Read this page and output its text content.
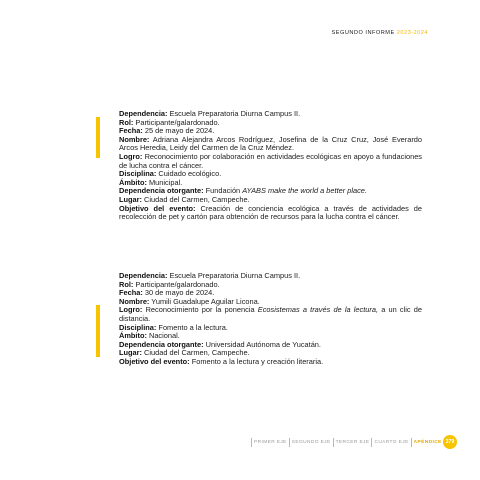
SEGUNDO INFORME 2023-2024

Dependencia: Escuela Preparatoria Diurna Campus II.

Rol: Participante/galardonado.

Fecha: 25 de mayo de 2024.

Nombre: Adriana Alejandra Arcos Rodríguez, Josefina de la Cruz Cruz, José Everardo Arcos Heredia, Leidy del Carmen de la Cruz Méndez.

Logro: Reconocimiento por colaboración en actividades ecológicas en apoyo a fundaciones de lucha contra el cáncer.

Disciplina: Cuidado ecológico.

Ámbito: Municipal.

Dependencia otorgante: Fundación AYABS make the world a better place.

Lugar: Ciudad del Carmen, Campeche.

Objetivo del evento: Creación de conciencia ecológica a través de actividades de recolección de pet y cartón para obtención de recursos para la lucha contra el cáncer.

Dependencia: Escuela Preparatoria Diurna Campus II.

Rol: Participante/galardonado.

Fecha: 30 de mayo de 2024.

Nombre: Yumili Guadalupe Aguilar Licona.

Logro: Reconocimiento por la ponencia Ecosistemas a través de la lectura, a un clic de distancia.

Disciplina: Fomento a la lectura.

Ámbito: Nacional.

Dependencia otorgante: Universidad Autónoma de Yucatán.

Lugar: Ciudad del Carmen, Campeche.

Objetivo del evento: Fomento a la lectura y creación literaria.

PRIMER EJE SEGUNDO EJE TERCER EJE CUARTO EJE APÉNDICE 379
